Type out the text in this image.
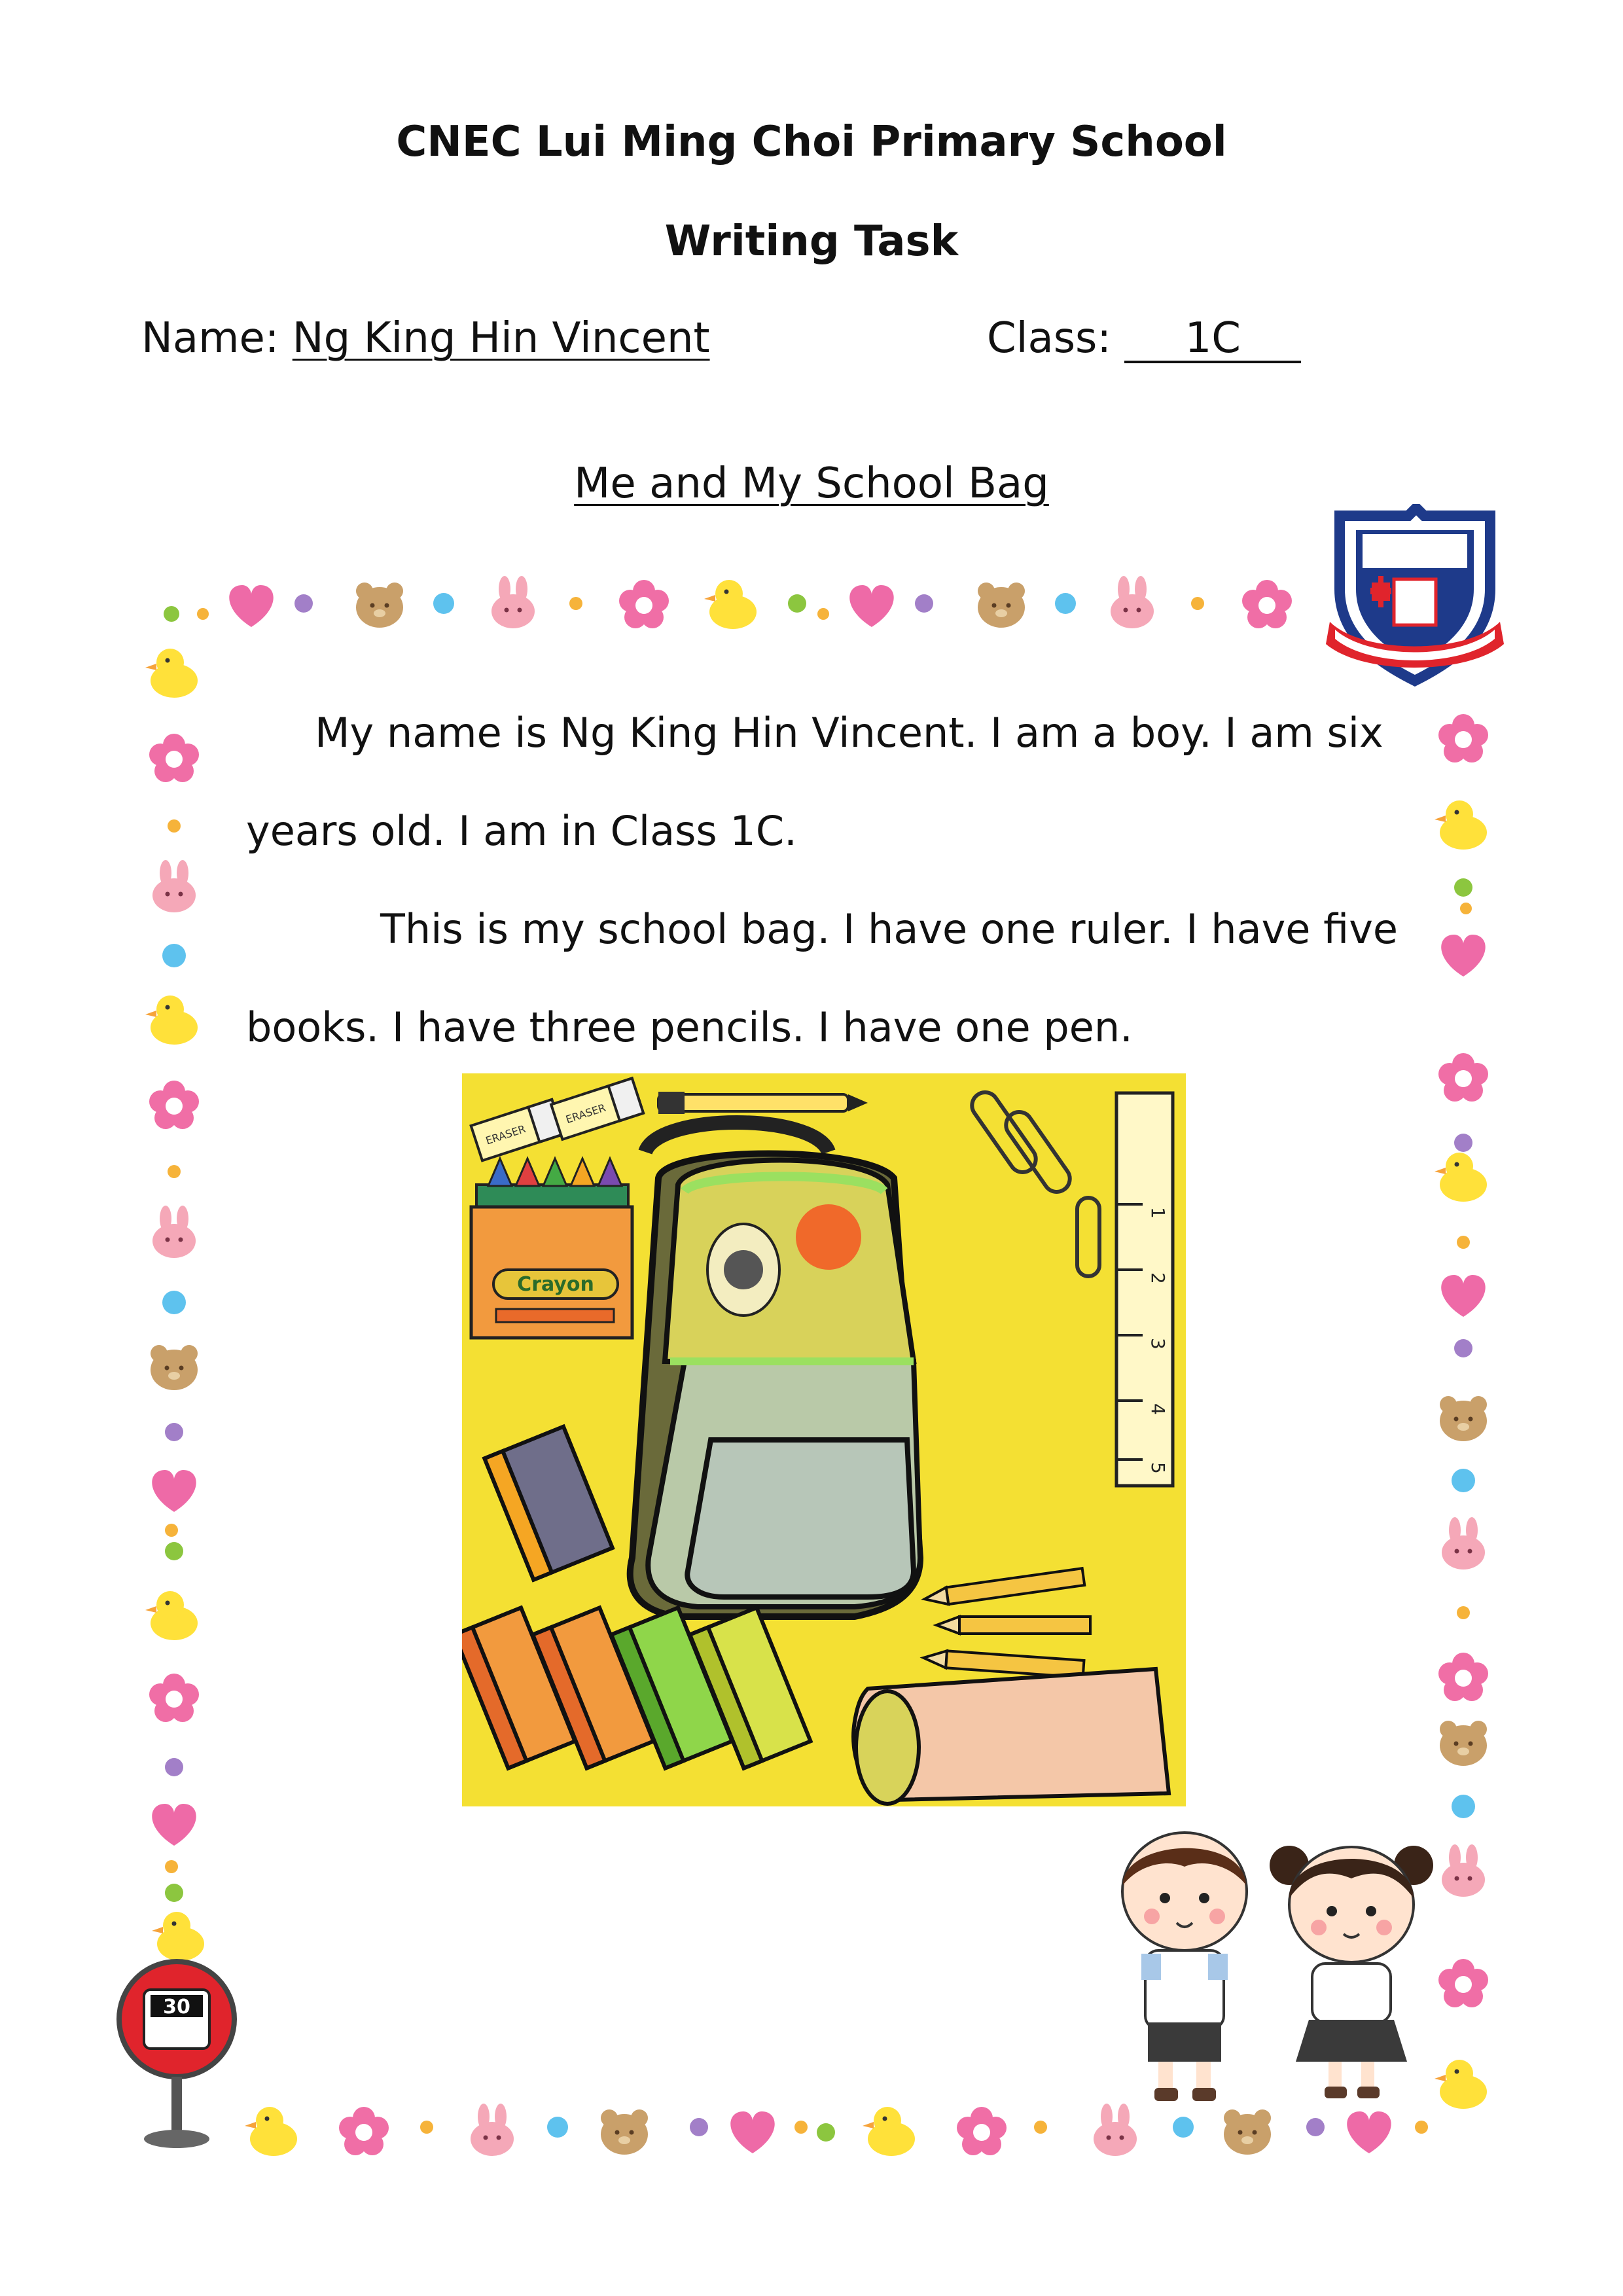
CNEC Lui Ming Choi Primary School
Writing Task
Name: Ng King Hin Vincent	Class: 1C
Me and My School Bag
My name is Ng King Hin Vincent. I am a boy. I am six years old. I am in Class 1C.
This is my school bag. I have one ruler. I have five books. I have three pencils. I have one pen.
Crayon
ERASER
ERASER
1
2
3
4
5
30
